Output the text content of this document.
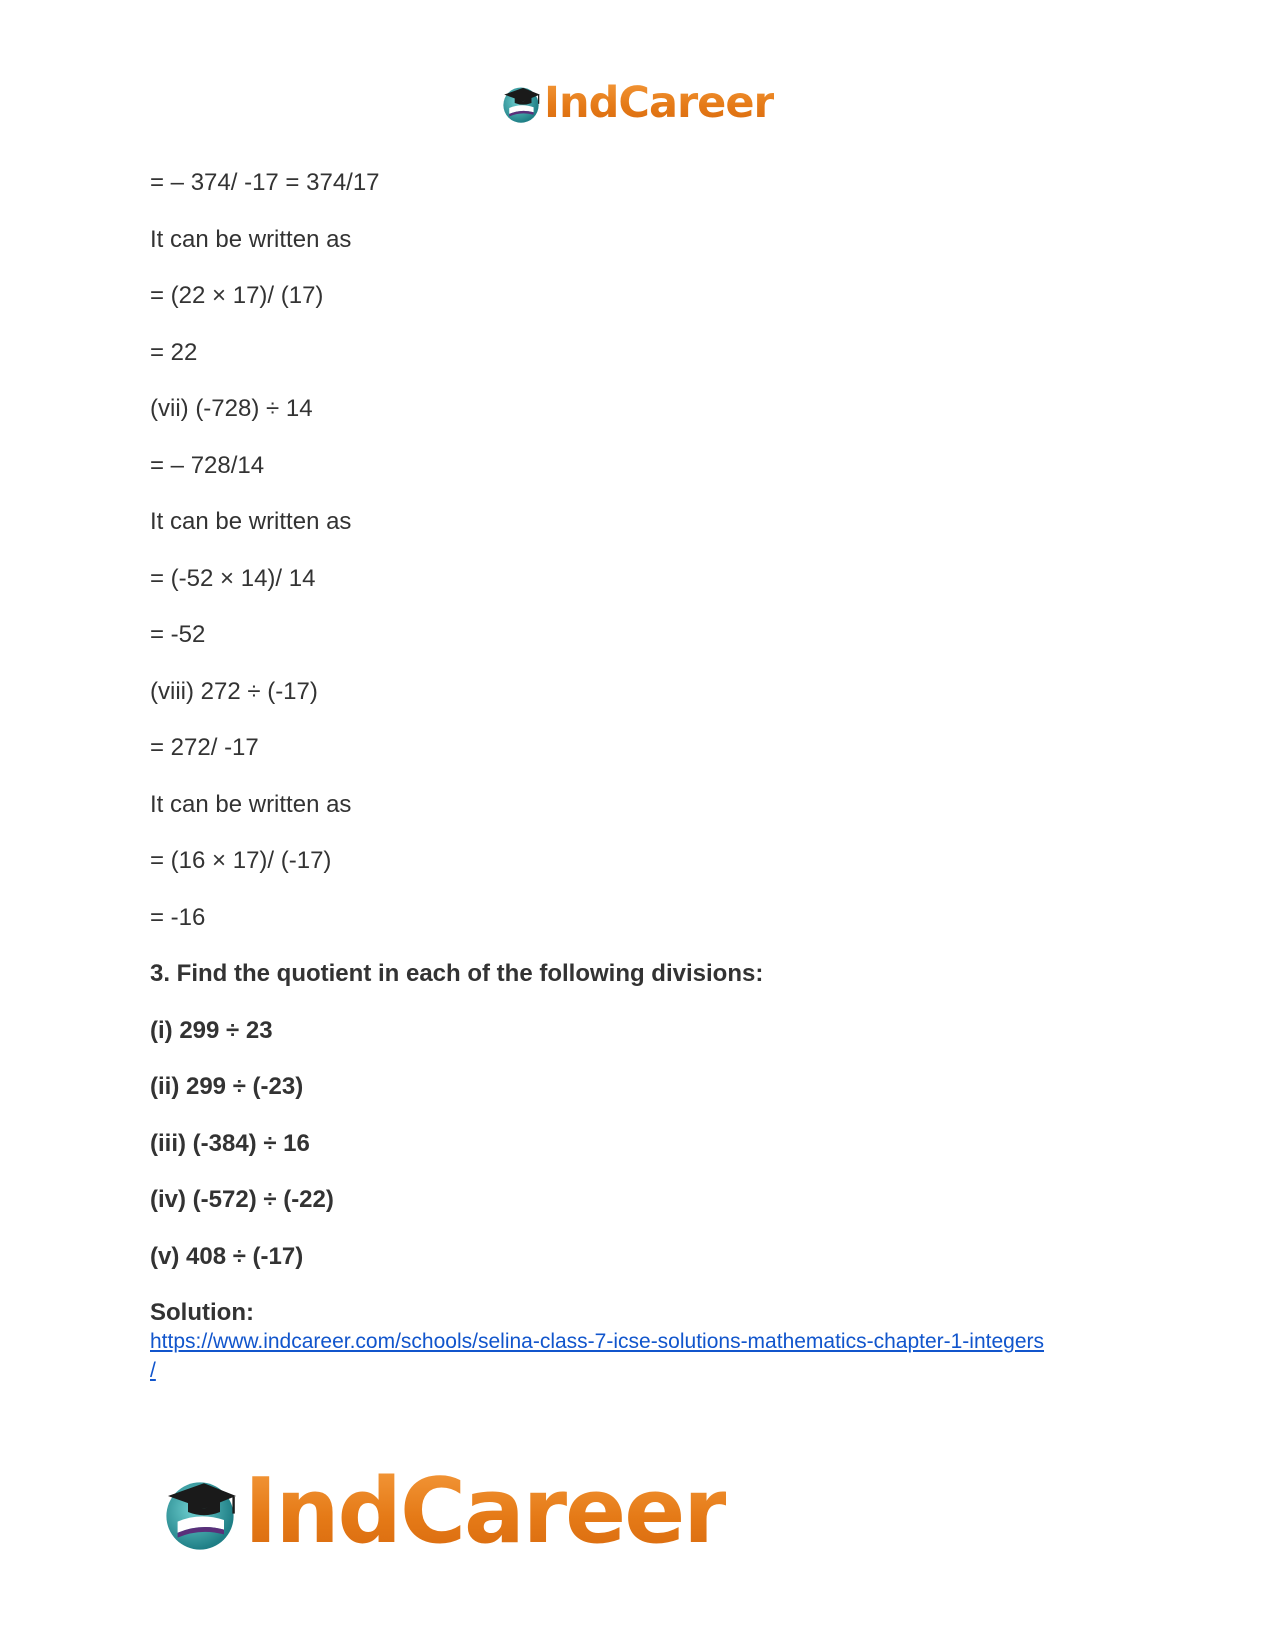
IndCareer
= – 374/ -17 = 374/17
It can be written as
= (22 × 17)/ (17)
= 22
(vii) (-728) ÷ 14
= – 728/14
It can be written as
= (-52 × 14)/ 14
= -52
(viii) 272 ÷ (-17)
= 272/ -17
It can be written as
= (16 × 17)/ (-17)
= -16
3. Find the quotient in each of the following divisions:
(i) 299 ÷ 23
(ii) 299 ÷ (-23)
(iii) (-384) ÷ 16
(iv) (-572) ÷ (-22)
(v) 408 ÷ (-17)
Solution:
https://www.indcareer.com/schools/selina-class-7-icse-solutions-mathematics-chapter-1-integers
/
IndCareer
